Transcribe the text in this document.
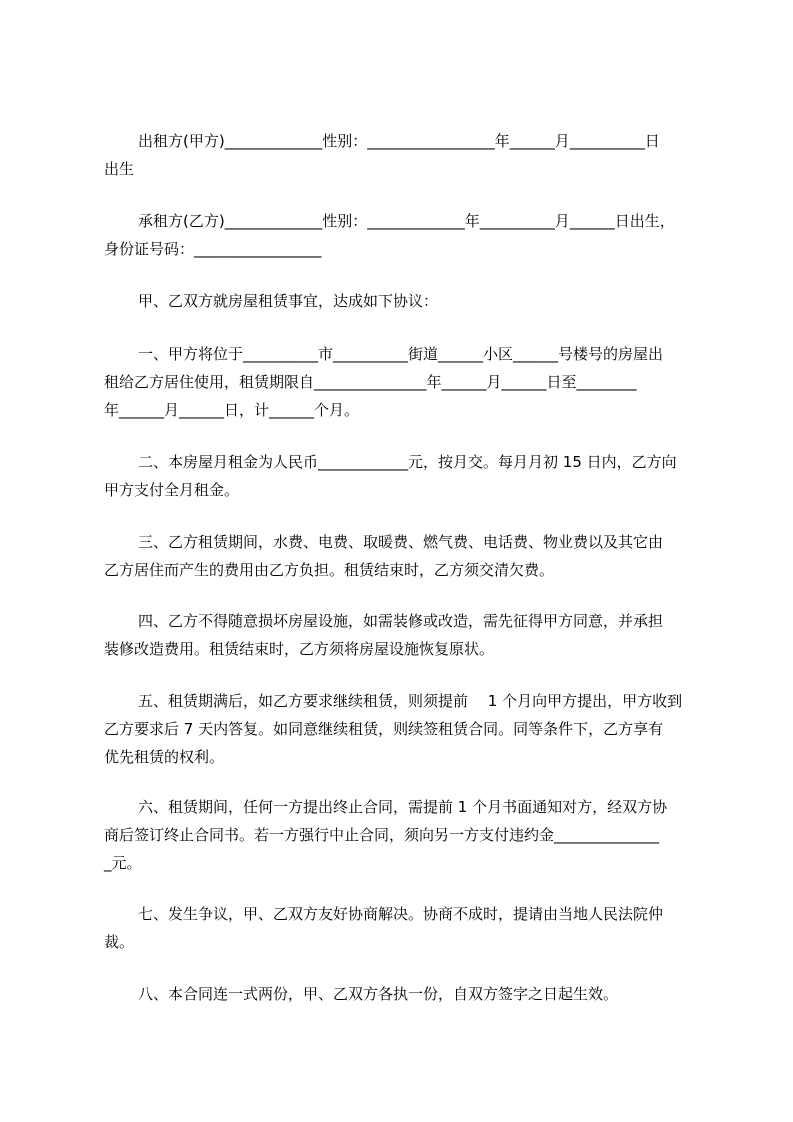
出租方(甲方)_____________性别：_________________年______月__________日
出生

承租方(乙方)_____________性别：_____________年__________月______日出生，
身份证号码：_________________

甲、乙双方就房屋租赁事宜，达成如下协议：

一、甲方将位于__________市__________街道______小区______号楼号的房屋出
租给乙方居住使用，租赁期限自_______________年______月______日至________
年______月______日，计______个月。

二、本房屋月租金为人民币____________元，按月交。每月月初 15 日内，乙方向
甲方支付全月租金。

三、乙方租赁期间，水费、电费、取暖费、燃气费、电话费、物业费以及其它由
乙方居住而产生的费用由乙方负担。租赁结束时，乙方须交清欠费。

四、乙方不得随意损坏房屋设施，如需装修或改造，需先征得甲方同意，并承担
装修改造费用。租赁结束时，乙方须将房屋设施恢复原状。

五、租赁期满后，如乙方要求继续租赁，则须提前　 1 个月向甲方提出，甲方收到
乙方要求后 7 天内答复。如同意继续租赁，则续签租赁合同。同等条件下，乙方享有
优先租赁的权利。

六、租赁期间，任何一方提出终止合同，需提前 1 个月书面通知对方，经双方协
商后签订终止合同书。若一方强行中止合同，须向另一方支付违约金______________
_元。

七、发生争议，甲、乙双方友好协商解决。协商不成时，提请由当地人民法院仲
裁。

八、本合同连一式两份，甲、乙双方各执一份，自双方签字之日起生效。
